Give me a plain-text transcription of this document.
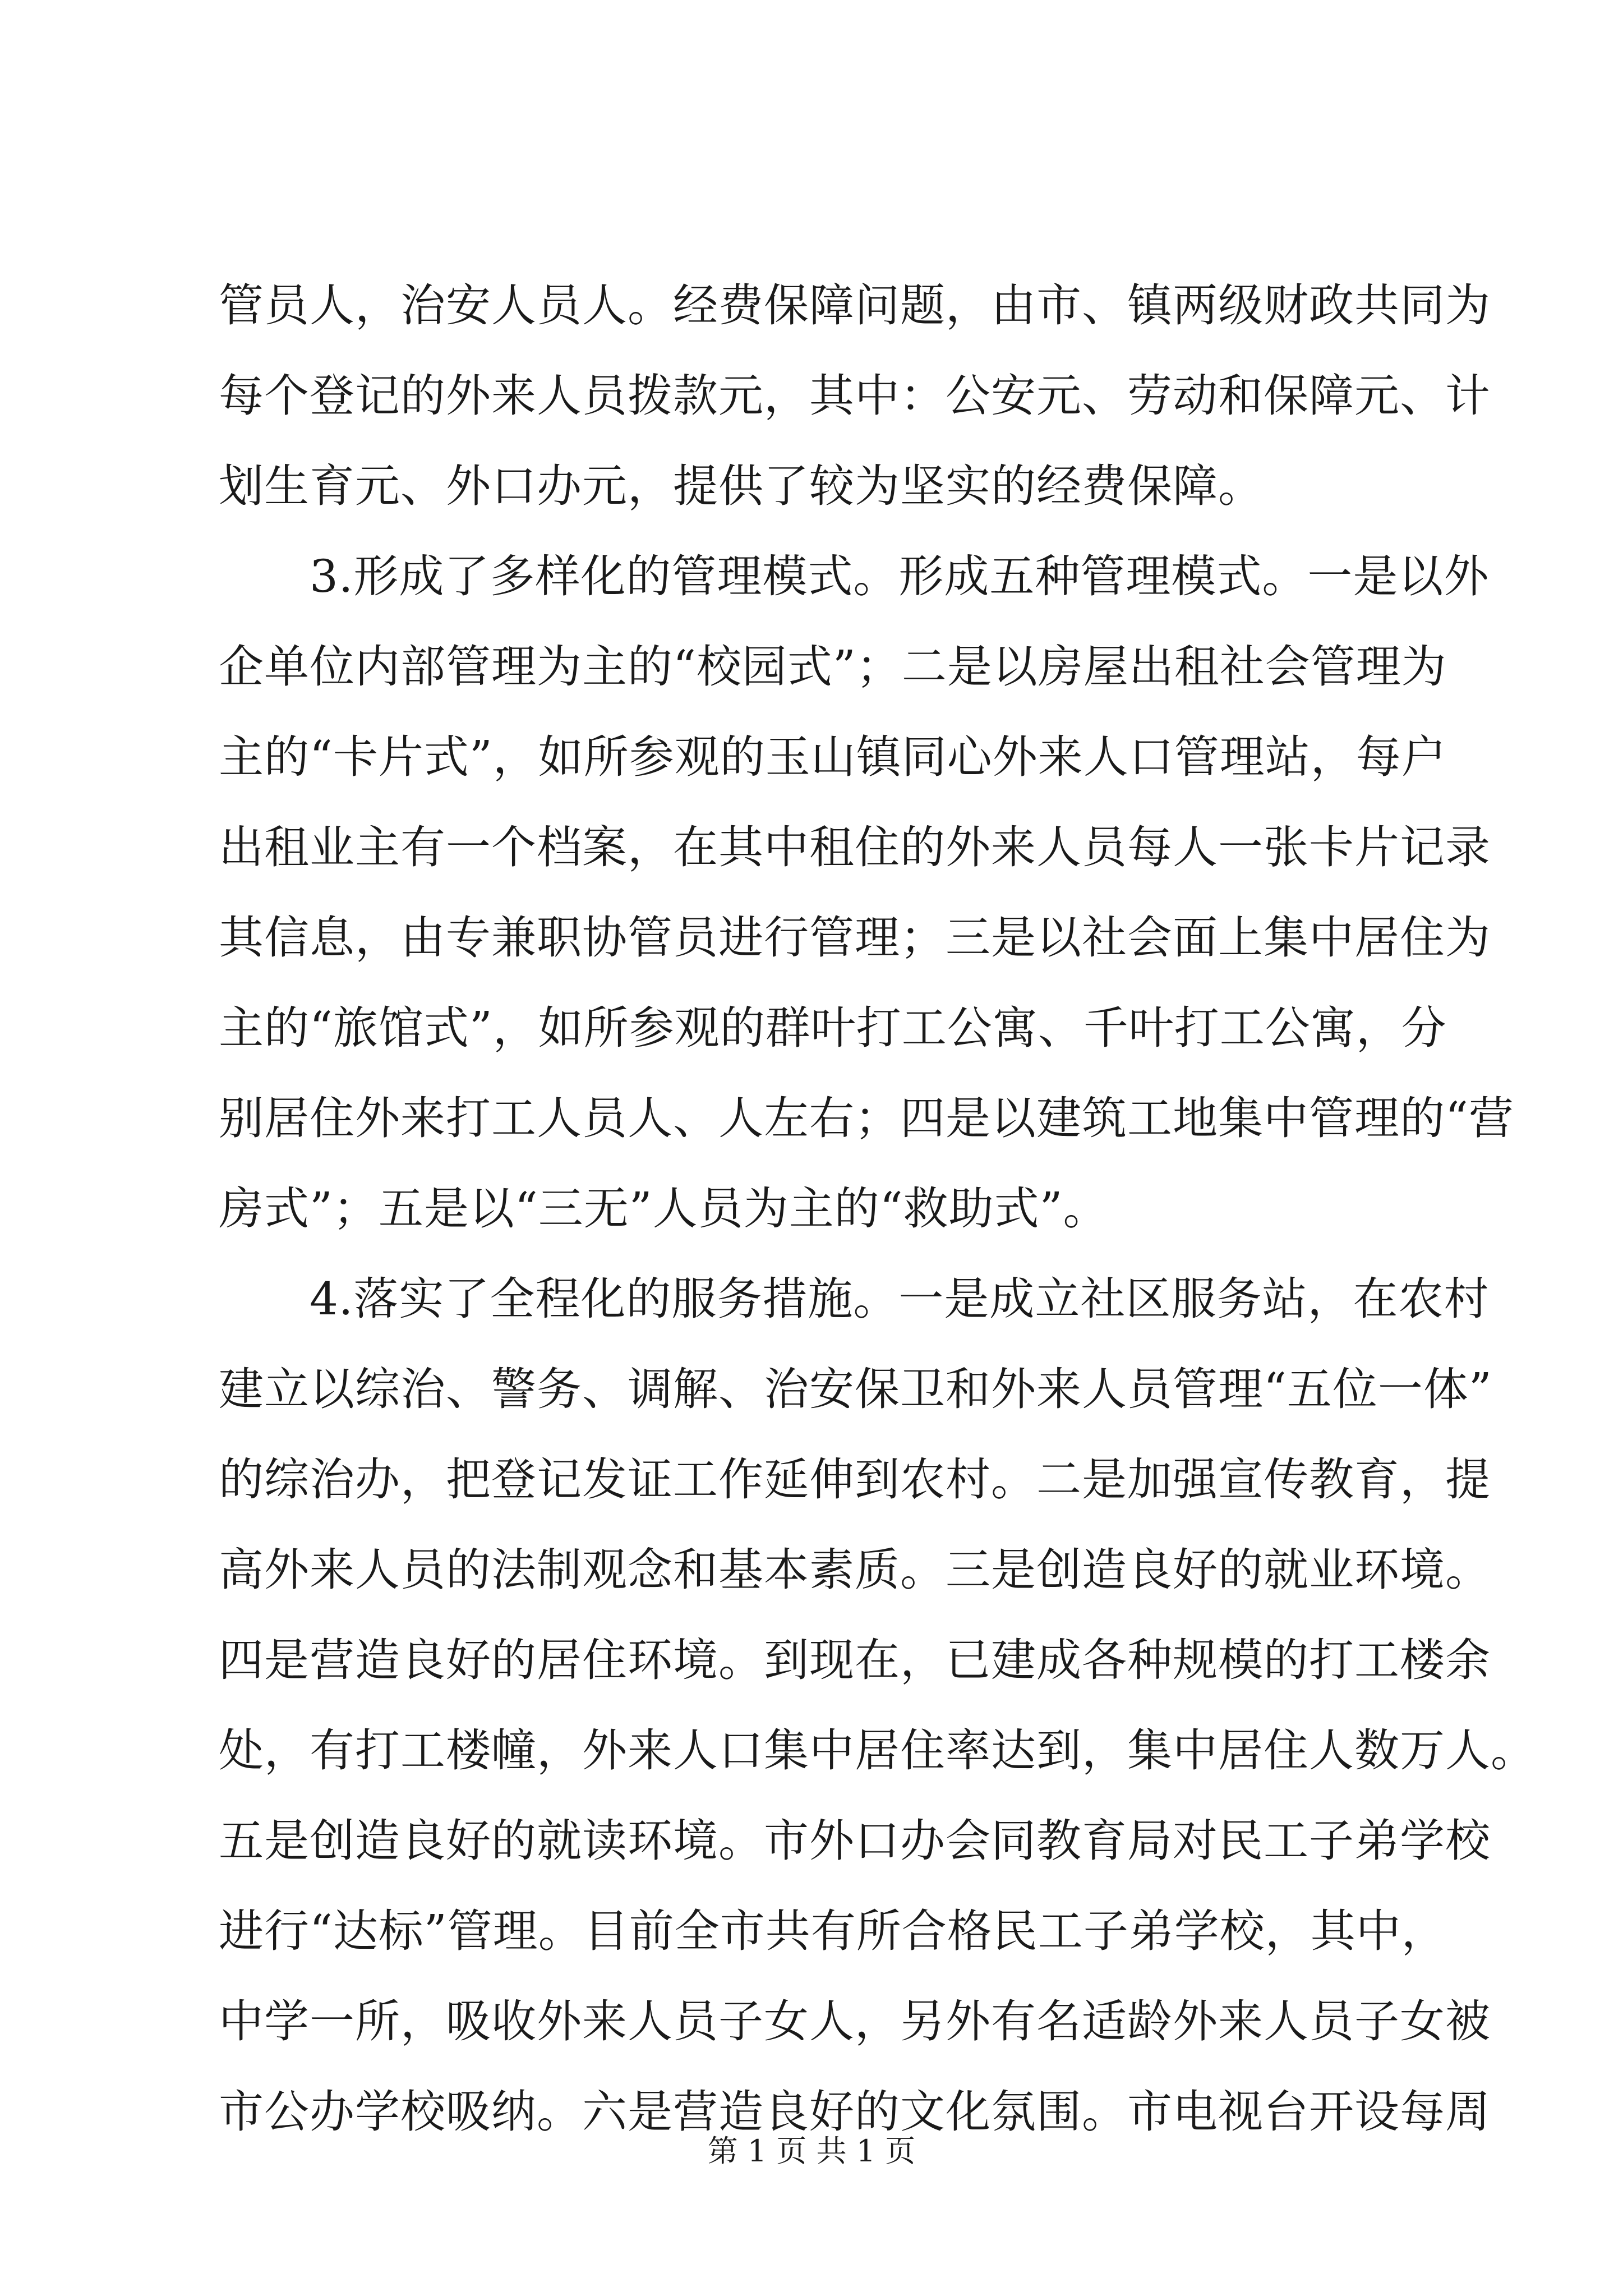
管员人，治安人员人。经费保障问题，由市、镇两级财政共同为
每个登记的外来人员拨款元，其中：公安元、劳动和保障元、计
划生育元、外口办元，提供了较为坚实的经费保障。
3.形成了多样化的管理模式。形成五种管理模式。一是以外
企单位内部管理为主的“校园式”；二是以房屋出租社会管理为
主的“卡片式”，如所参观的玉山镇同心外来人口管理站，每户
出租业主有一个档案，在其中租住的外来人员每人一张卡片记录
其信息，由专兼职协管员进行管理；三是以社会面上集中居住为
主的“旅馆式”，如所参观的群叶打工公寓、千叶打工公寓，分
别居住外来打工人员人、人左右；四是以建筑工地集中管理的“营
房式”；五是以“三无”人员为主的“救助式”。
4.落实了全程化的服务措施。一是成立社区服务站，在农村
建立以综治、警务、调解、治安保卫和外来人员管理“五位一体”
的综治办，把登记发证工作延伸到农村。二是加强宣传教育，提
高外来人员的法制观念和基本素质。三是创造良好的就业环境。
四是营造良好的居住环境。到现在，已建成各种规模的打工楼余
处，有打工楼幢，外来人口集中居住率达到，集中居住人数万人。
五是创造良好的就读环境。市外口办会同教育局对民工子弟学校
进行“达标”管理。目前全市共有所合格民工子弟学校，其中，
中学一所，吸收外来人员子女人，另外有名适龄外来人员子女被
市公办学校吸纳。六是营造良好的文化氛围。市电视台开设每周
第 1 页 共 1 页
